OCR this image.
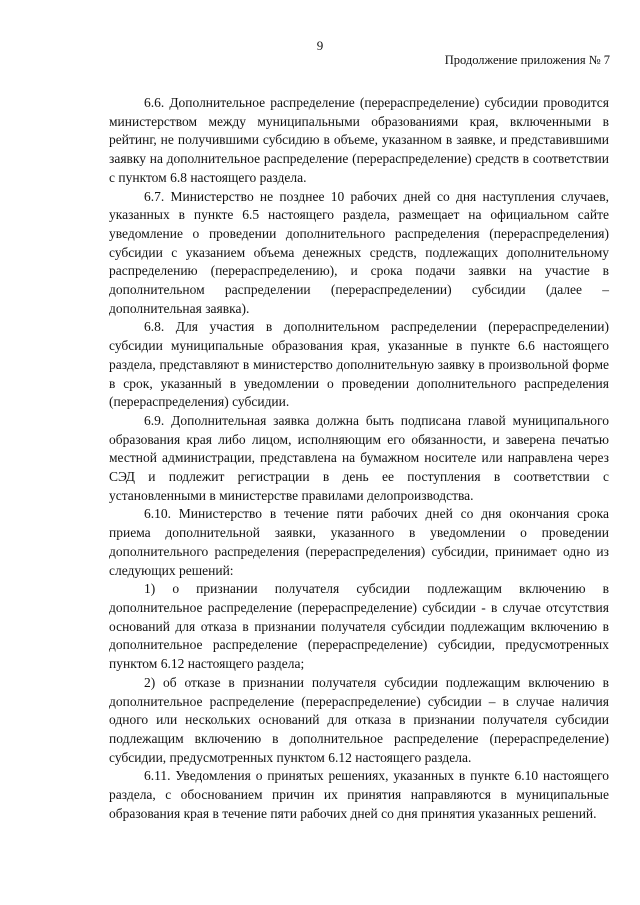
9
Продолжение приложения № 7

6.6. Дополнительное распределение (перераспределение) субсидии проводится министерством между муниципальными образованиями края, включенными в рейтинг, не получившими субсидию в объеме, указанном в заявке, и представившими заявку на дополнительное распределение (перераспределение) средств в соответствии с пунктом 6.8 настоящего раздела.

6.7. Министерство не позднее 10 рабочих дней со дня наступления случаев, указанных в пункте 6.5 настоящего раздела, размещает на официальном сайте уведомление о проведении дополнительного распределения (перераспределения) субсидии с указанием объема денежных средств, подлежащих дополнительному распределению (перераспределению), и срока подачи заявки на участие в дополнительном распределении (перераспределении) субсидии (далее – дополнительная заявка).

6.8. Для участия в дополнительном распределении (перераспределении) субсидии муниципальные образования края, указанные в пункте 6.6 настоящего раздела, представляют в министерство дополнительную заявку в произвольной форме в срок, указанный в уведомлении о проведении дополнительного распределения (перераспределения) субсидии.

6.9. Дополнительная заявка должна быть подписана главой муниципального образования края либо лицом, исполняющим его обязанности, и заверена печатью местной администрации, представлена на бумажном носителе или направлена через СЭД и подлежит регистрации в день ее поступления в соответствии с установленными в министерстве правилами делопроизводства.

6.10. Министерство в течение пяти рабочих дней со дня окончания срока приема дополнительной заявки, указанного в уведомлении о проведении дополнительного распределения (перераспределения) субсидии, принимает одно из следующих решений:

1) о признании получателя субсидии подлежащим включению в дополнительное распределение (перераспределение) субсидии - в случае отсутствия оснований для отказа в признании получателя субсидии подлежащим включению в дополнительное распределение (перераспределение) субсидии, предусмотренных пунктом 6.12 настоящего раздела;

2) об отказе в признании получателя субсидии подлежащим включению в дополнительное распределение (перераспределение) субсидии – в случае наличия одного или нескольких оснований для отказа в признании получателя субсидии подлежащим включению в дополнительное распределение (перераспределение) субсидии, предусмотренных пунктом 6.12 настоящего раздела.

6.11. Уведомления о принятых решениях, указанных в пункте 6.10 настоящего раздела, с обоснованием причин их принятия направляются в муниципальные образования края в течение пяти рабочих дней со дня принятия указанных решений.
